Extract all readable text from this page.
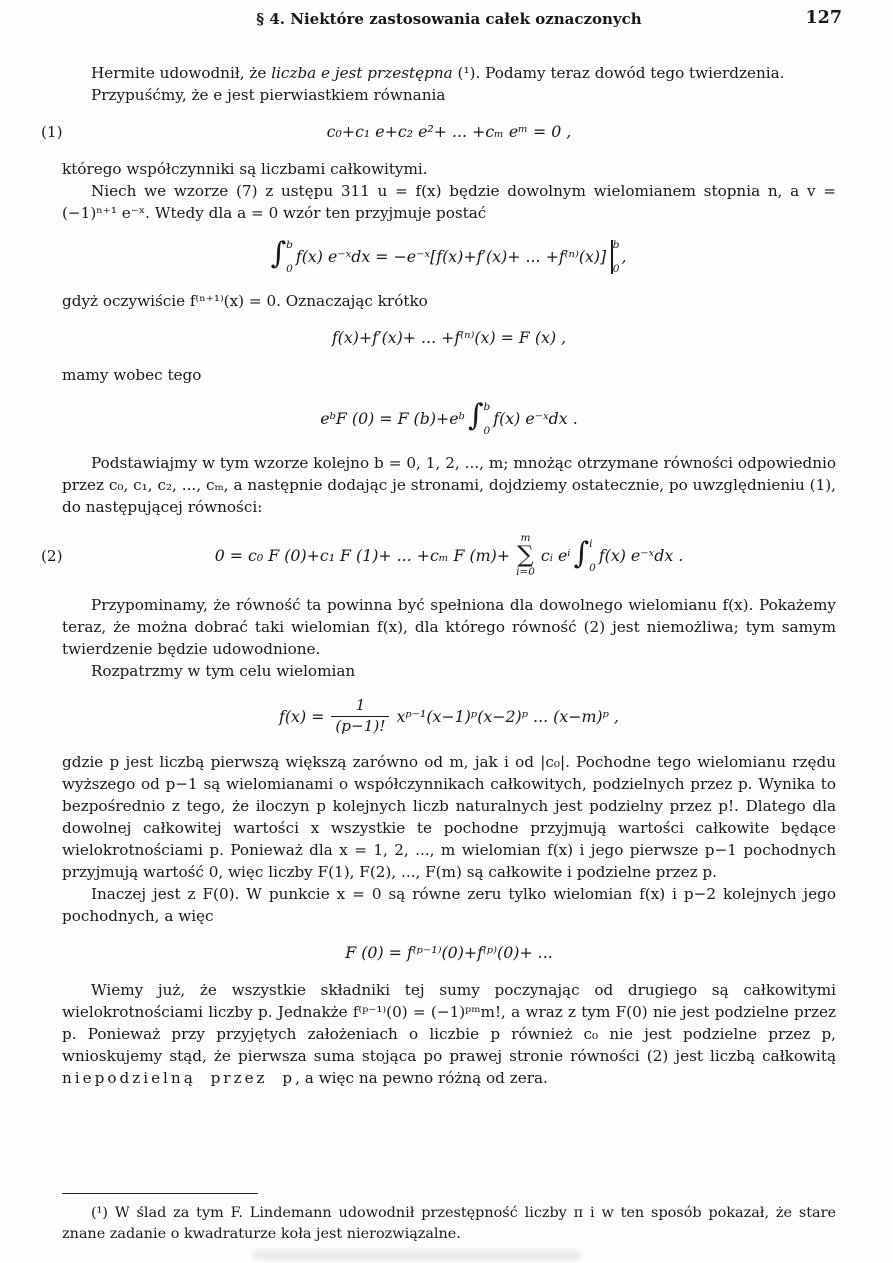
§ 4. Niektóre zastosowania całek oznaczonych	127

Hermite udowodnił, że liczba e jest przestępna (¹). Podamy teraz dowód tego twierdzenia.

Przypuśćmy, że e jest pierwiastkiem równania

(1)	c₀+c₁ e+c₂ e²+ ... +cₘ eᵐ = 0 ,

którego współczynniki są liczbami całkowitymi.

Niech we wzorze (7) z ustępu 311 u = f(x) będzie dowolnym wielomianem stopnia n, a v = (−1)ⁿ⁺¹ e⁻ˣ. Wtedy dla a = 0 wzór ten przyjmuje postać

∫ b
0
f(x) e⁻ˣdx = −e⁻ˣ[f(x)+f′(x)+ ... +f⁽ⁿ⁾(x)]
b
0
,

gdyż oczywiście f⁽ⁿ⁺¹⁾(x) = 0. Oznaczając krótko

f(x)+f′(x)+ ... +f⁽ⁿ⁾(x) = F (x) ,

mamy wobec tego

eᵇF (0) = F (b)+eᵇ ∫ b
0
f(x) e⁻ˣdx .

Podstawiajmy w tym wzorze kolejno b = 0, 1, 2, ..., m; mnożąc otrzymane równości odpowiednio przez c₀, c₁, c₂, ..., cₘ, a następnie dodając je stronami, dojdziemy ostatecznie, po uwzględnieniu (1), do następującej równości:

(2)	0 = c₀ F (0)+c₁ F (1)+ ... +cₘ F (m)+
m
∑
i=0
cᵢ eⁱ ∫ i
0
f(x) e⁻ˣdx .

Przypominamy, że równość ta powinna być spełniona dla dowolnego wielomianu f(x). Pokażemy teraz, że można dobrać taki wielomian f(x), dla którego równość (2) jest niemożliwa; tym samym twierdzenie będzie udowodnione.

Rozpatrzmy w tym celu wielomian

$f(x) = \frac{1}{(p-1)!}$ xᵖ⁻¹(x−1)ᵖ(x−2)ᵖ ... (x−m)ᵖ ,

gdzie p jest liczbą pierwszą większą zarówno od m, jak i od |c₀|. Pochodne tego wielomianu rzędu wyższego od p−1 są wielomianami o współczynnikach całkowitych, podzielnych przez p. Wynika to bezpośrednio z tego, że iloczyn p kolejnych liczb naturalnych jest podzielny przez p!. Dlatego dla dowolnej całkowitej wartości x wszystkie te pochodne przyjmują wartości całkowite będące wielokrotnościami p. Ponieważ dla x = 1, 2, ..., m wielomian f(x) i jego pierwsze p−1 pochodnych przyjmują wartość 0, więc liczby F(1), F(2), ..., F(m) są całkowite i podzielne przez p.

Inaczej jest z F(0). W punkcie x = 0 są równe zeru tylko wielomian f(x) i p−2 kolejnych jego pochodnych, a więc

F (0) = f⁽ᵖ⁻¹⁾(0)+f⁽ᵖ⁾(0)+ ...

Wiemy już, że wszystkie składniki tej sumy poczynając od drugiego są całkowitymi wielokrotnościami liczby p. Jednakże f⁽ᵖ⁻¹⁾(0) = (−1)ᵖᵐm!, a wraz z tym F(0) nie jest podzielne przez p. Ponieważ przy przyjętych założeniach o liczbie p również c₀ nie jest podzielne przez p, wnioskujemy stąd, że pierwsza suma stojąca po prawej stronie równości (2) jest liczbą całkowitą niepodzielną przez p, a więc na pewno różną od zera.

(¹) W ślad za tym F. Lindemann udowodnił przestępność liczby π i w ten sposób pokazał, że stare znane zadanie o kwadraturze koła jest nierozwiązalne.
